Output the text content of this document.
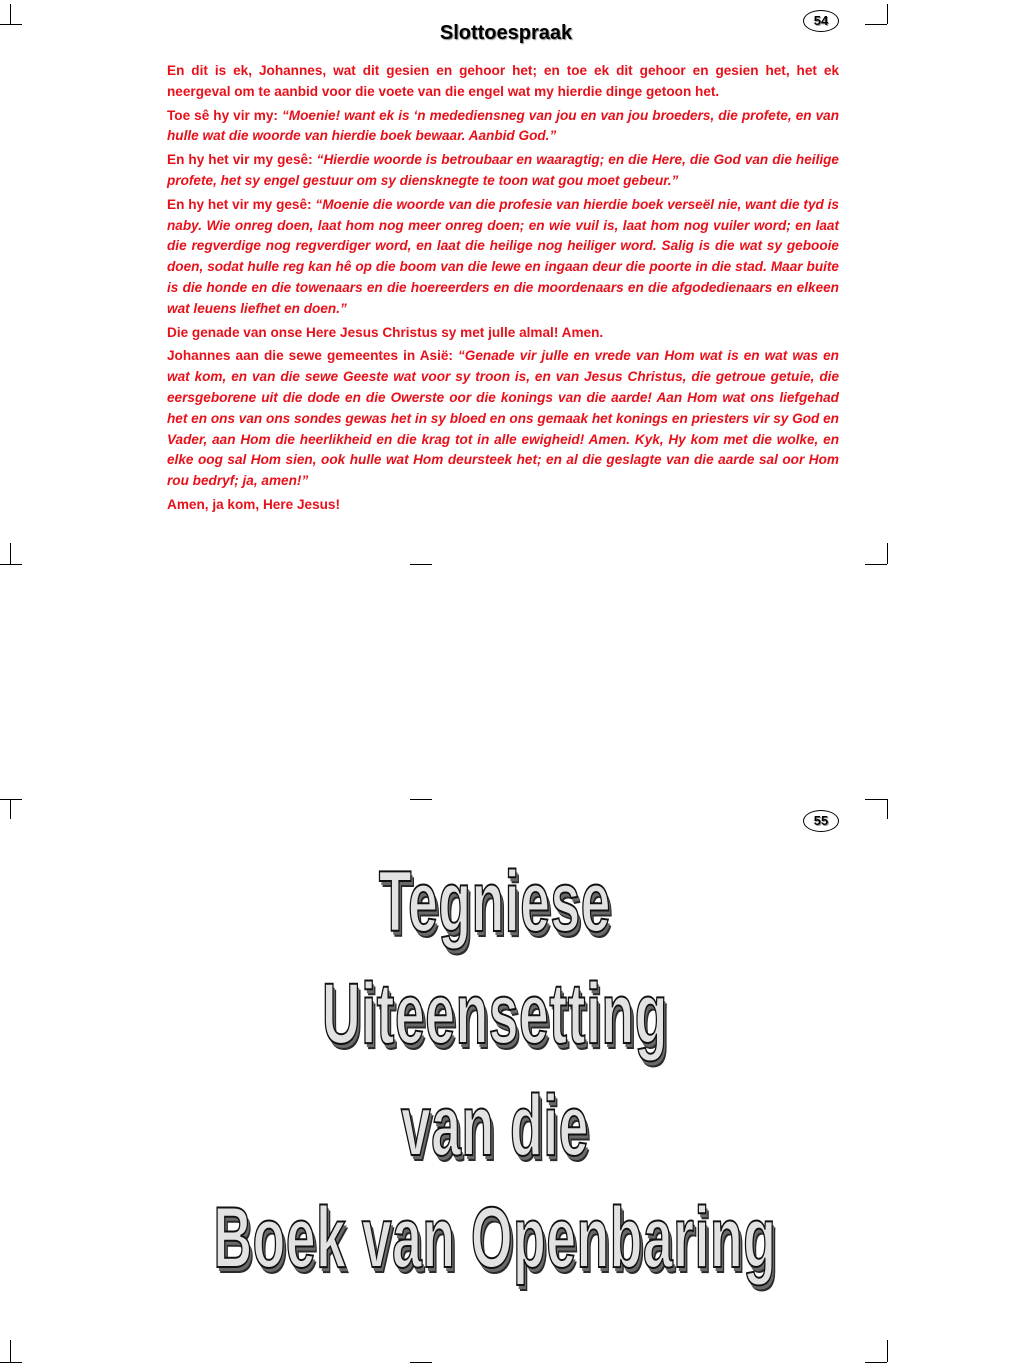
54
Slottoespraak

En dit is ek, Johannes, wat dit gesien en gehoor het; en toe ek dit gehoor en gesien het, het ek neergeval om te aanbid voor die voete van die engel wat my hierdie dinge getoon het.

Toe sê hy vir my: “Moenie! want ek is ‘n medediensneg van jou en van jou broeders, die profete, en van hulle wat die woorde van hierdie boek bewaar. Aanbid God.”

En hy het vir my gesê: “Hierdie woorde is betroubaar en waaragtig; en die Here, die God van die heilige profete, het sy engel gestuur om sy diensknegte te toon wat gou moet gebeur.”

En hy het vir my gesê: “Moenie die woorde van die profesie van hierdie boek verseël nie, want die tyd is naby. Wie onreg doen, laat hom nog meer onreg doen; en wie vuil is, laat hom nog vuiler word; en laat die regverdige nog regverdiger word, en laat die heilige nog heiliger word. Salig is die wat sy gebooie doen, sodat hulle reg kan hê op die boom van die lewe en ingaan deur die poorte in die stad. Maar buite is die honde en die towenaars en die hoereerders en die moordenaars en die afgodedienaars en elkeen wat leuens liefhet en doen.”

Die genade van onse Here Jesus Christus sy met julle almal! Amen.

Johannes aan die sewe gemeentes in Asië: “Genade vir julle en vrede van Hom wat is en wat was en wat kom, en van die sewe Geeste wat voor sy troon is, en van Jesus Christus, die getroue getuie, die eersgeborene uit die dode en die Owerste oor die konings van die aarde! Aan Hom wat ons liefgehad het en ons van ons sondes gewas het in sy bloed en ons gemaak het konings en priesters vir sy God en Vader, aan Hom die heerlikheid en die krag tot in alle ewigheid! Amen. Kyk, Hy kom met die wolke, en elke oog sal Hom sien, ook hulle wat Hom deursteek het; en al die geslagte van die aarde sal oor Hom rou bedryf; ja, amen!”

Amen, ja kom, Here Jesus!

55
Tegniese
Uiteensetting
van die
Boek van Openbaring
